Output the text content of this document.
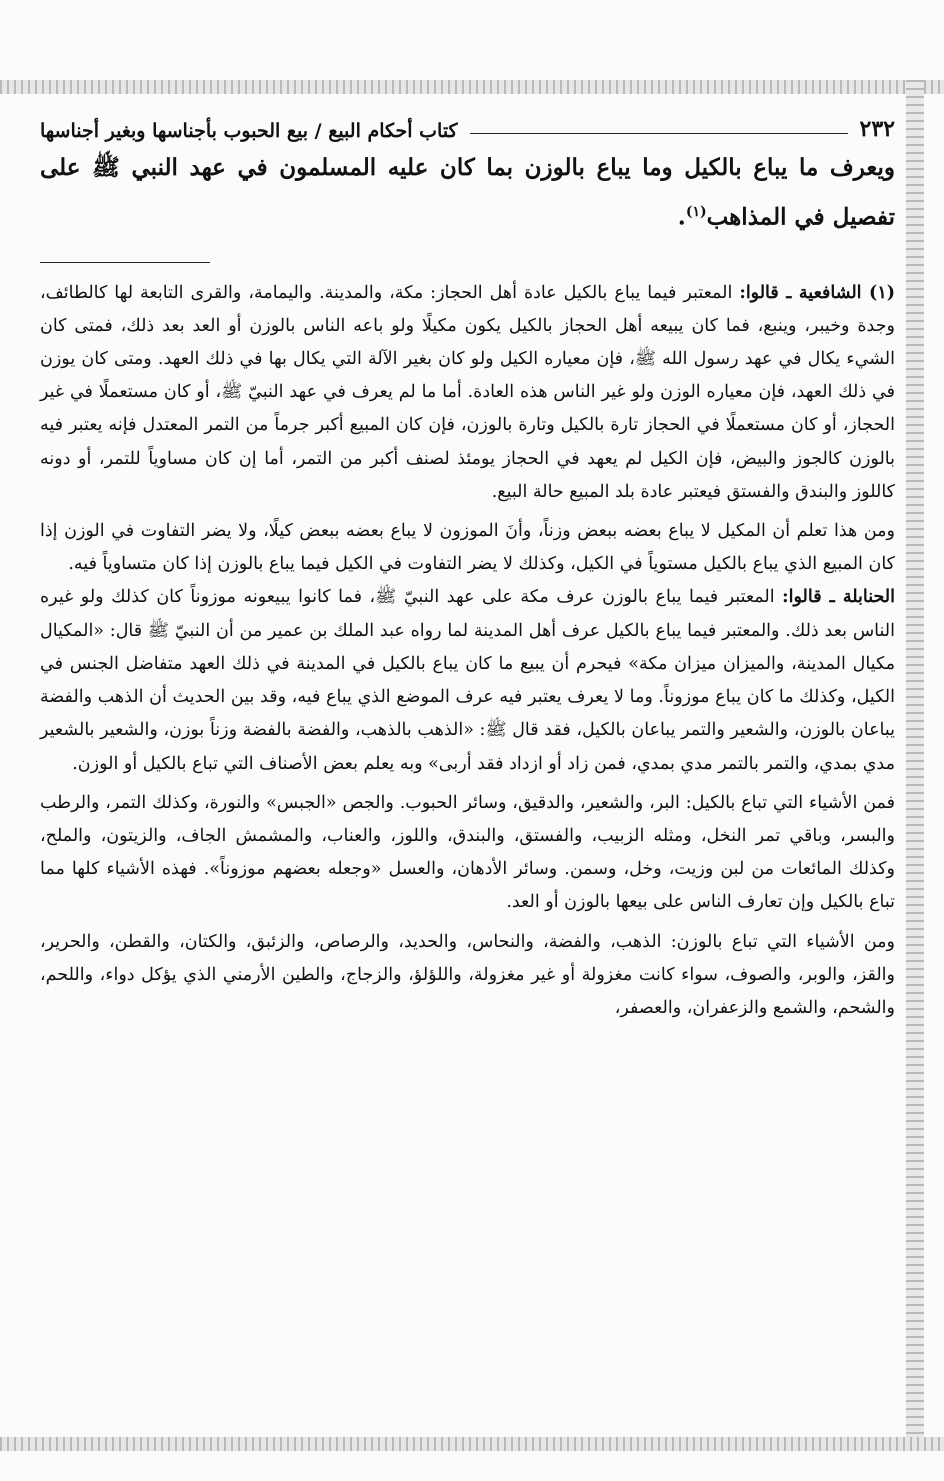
٢٣٢
كتاب أحكام البيع / بيع الحبوب بأجناسها وبغير أجناسها

ويعرف ما يباع بالكيل وما يباع بالوزن بما كان عليه المسلمون في عهد النبي ﷺ على تفصيل في المذاهب$^{(١)}$.

(١) الشافعية ـ قالوا: المعتبر فيما يباع بالكيل عادة أهل الحجاز: مكة، والمدينة. واليمامة، والقرى التابعة لها كالطائف، وجدة وخيبر، وينبع، فما كان يبيعه أهل الحجاز بالكيل يكون مكيلًا ولو باعه الناس بالوزن أو العد بعد ذلك، فمتى كان الشيء يكال في عهد رسول الله ﷺ، فإن معياره الكيل ولو كان بغير الآلة التي يكال بها في ذلك العهد. ومتى كان يوزن في ذلك العهد، فإن معياره الوزن ولو غير الناس هذه العادة. أما ما لم يعرف في عهد النبيّ ﷺ، أو كان مستعملًا في غير الحجاز، أو كان مستعملًا في الحجاز تارة بالكيل وتارة بالوزن، فإن كان المبيع أكبر جرماً من التمر المعتدل فإنه يعتبر فيه بالوزن كالجوز والبيض، فإن الكيل لم يعهد في الحجاز يومئذ لصنف أكبر من التمر، أما إن كان مساوياً للتمر، أو دونه كاللوز والبندق والفستق فيعتبر عادة بلد المبيع حالة البيع.

ومن هذا تعلم أن المكيل لا يباع بعضه ببعض وزناً، وأنَ الموزون لا يباع بعضه ببعض كيلًا، ولا يضر التفاوت في الوزن إذا كان المبيع الذي يباع بالكيل مستوياً في الكيل، وكذلك لا يضر التفاوت في الكيل فيما يباع بالوزن إذا كان متساوياً فيه.

الحنابلة ـ قالوا: المعتبر فيما يباع بالوزن عرف مكة على عهد النبيّ ﷺ، فما كانوا يبيعونه موزوناً كان كذلك ولو غيره الناس بعد ذلك. والمعتبر فيما يباع بالكيل عرف أهل المدينة لما رواه عبد الملك بن عمير من أن النبيّ ﷺ قال: «المكيال مكيال المدينة، والميزان ميزان مكة» فيحرم أن يبيع ما كان يباع بالكيل في المدينة في ذلك العهد متفاضل الجنس في الكيل، وكذلك ما كان يباع موزوناً. وما لا يعرف يعتبر فيه عرف الموضع الذي يباع فيه، وقد بين الحديث أن الذهب والفضة يباعان بالوزن، والشعير والتمر يباعان بالكيل، فقد قال ﷺ: «الذهب بالذهب، والفضة بالفضة وزناً بوزن، والشعير بالشعير مدي بمدي، والتمر بالتمر مدي بمدي، فمن زاد أو ازداد فقد أربى» وبه يعلم بعض الأصناف التي تباع بالكيل أو الوزن.

فمن الأشياء التي تباع بالكيل: البر، والشعير، والدقيق، وسائر الحبوب. والجص «الجبس» والنورة، وكذلك التمر، والرطب والبسر، وباقي تمر النخل، ومثله الزبيب، والفستق، والبندق، واللوز، والعناب، والمشمش الجاف، والزيتون، والملح، وكذلك المائعات من لبن وزيت، وخل، وسمن. وسائر الأدهان، والعسل «وجعله بعضهم موزوناً». فهذه الأشياء كلها مما تباع بالكيل وإن تعارف الناس على بيعها بالوزن أو العد.

ومن الأشياء التي تباع بالوزن: الذهب، والفضة، والنحاس، والحديد، والرصاص، والزئبق، والكتان، والقطن، والحرير، والقز، والوبر، والصوف، سواء كانت مغزولة أو غير مغزولة، واللؤلؤ، والزجاج، والطين الأرمني الذي يؤكل دواء، واللحم، والشحم، والشمع والزعفران، والعصفر،
